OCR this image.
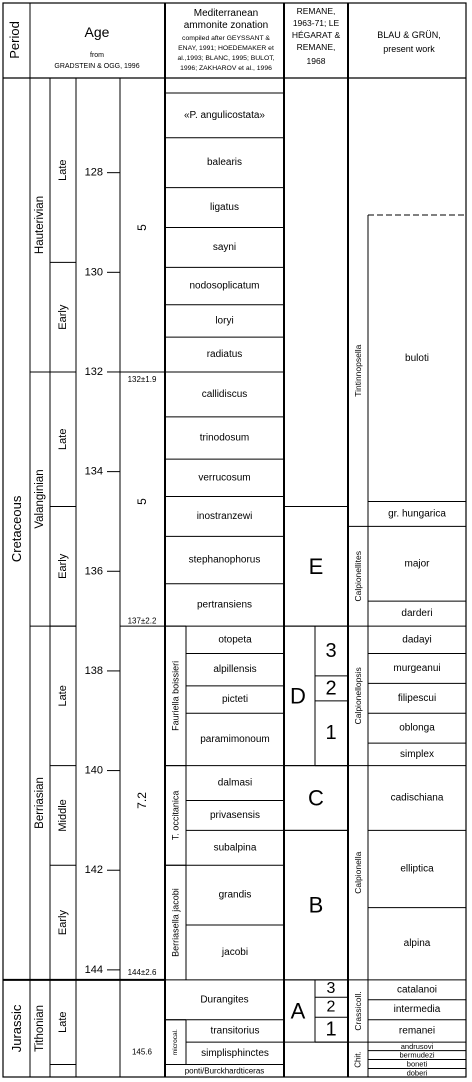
Period	Age
from
GRADSTEIN & OGG, 1996
Mediterranean
ammonite zonation
compiled after GEYSSANT &
ENAY, 1991; HOEDEMAKER et
al.,1993; BLANC, 1995; BULOT,
1996; ZAKHAROV et al., 1996
REMANE,
1963-71; LE
HÉGARAT &
REMANE,
1968
BLAU & GRÜN,
present work
Cretaceous
Jurassic
Hauterivian
Valanginian
Berriasian
Tithonian
Late
Early
Late
Early
Late
Middle
Early
Late
128
130
132
134
136
138
140
142
144
132±1.9
137±2.2
144±2.6
145.6
5
5
7.2
Fauriella boissieri
T. occitanica
Berriasella jacobi
microcal.
«P. angulicostata»
balearis
ligatus
sayni
nodosoplicatum
loryi
radiatus
callidiscus
trinodosum
verrucosum
inostranzewi
stephanophorus
pertransiens
otopeta
alpillensis
picteti
paramimonoum
dalmasi
privasensis
subalpina
grandis
jacobi
Durangites
transitorius
simplisphinctes
ponti/Burckhardticeras
E
D
C
B
A
3
2
1
3
2
1
Tintinnopsella
Calpionellites
Calpionellopsis
Calpionella
Crassicoll.
Chit.
buloti
gr. hungarica
major
darderi
dadayi
murgeanui
filipescui
oblonga
simplex
cadischiana
elliptica
alpina
catalanoi
intermedia
remanei
andrusovi
bermudezi
boneti
doberi
